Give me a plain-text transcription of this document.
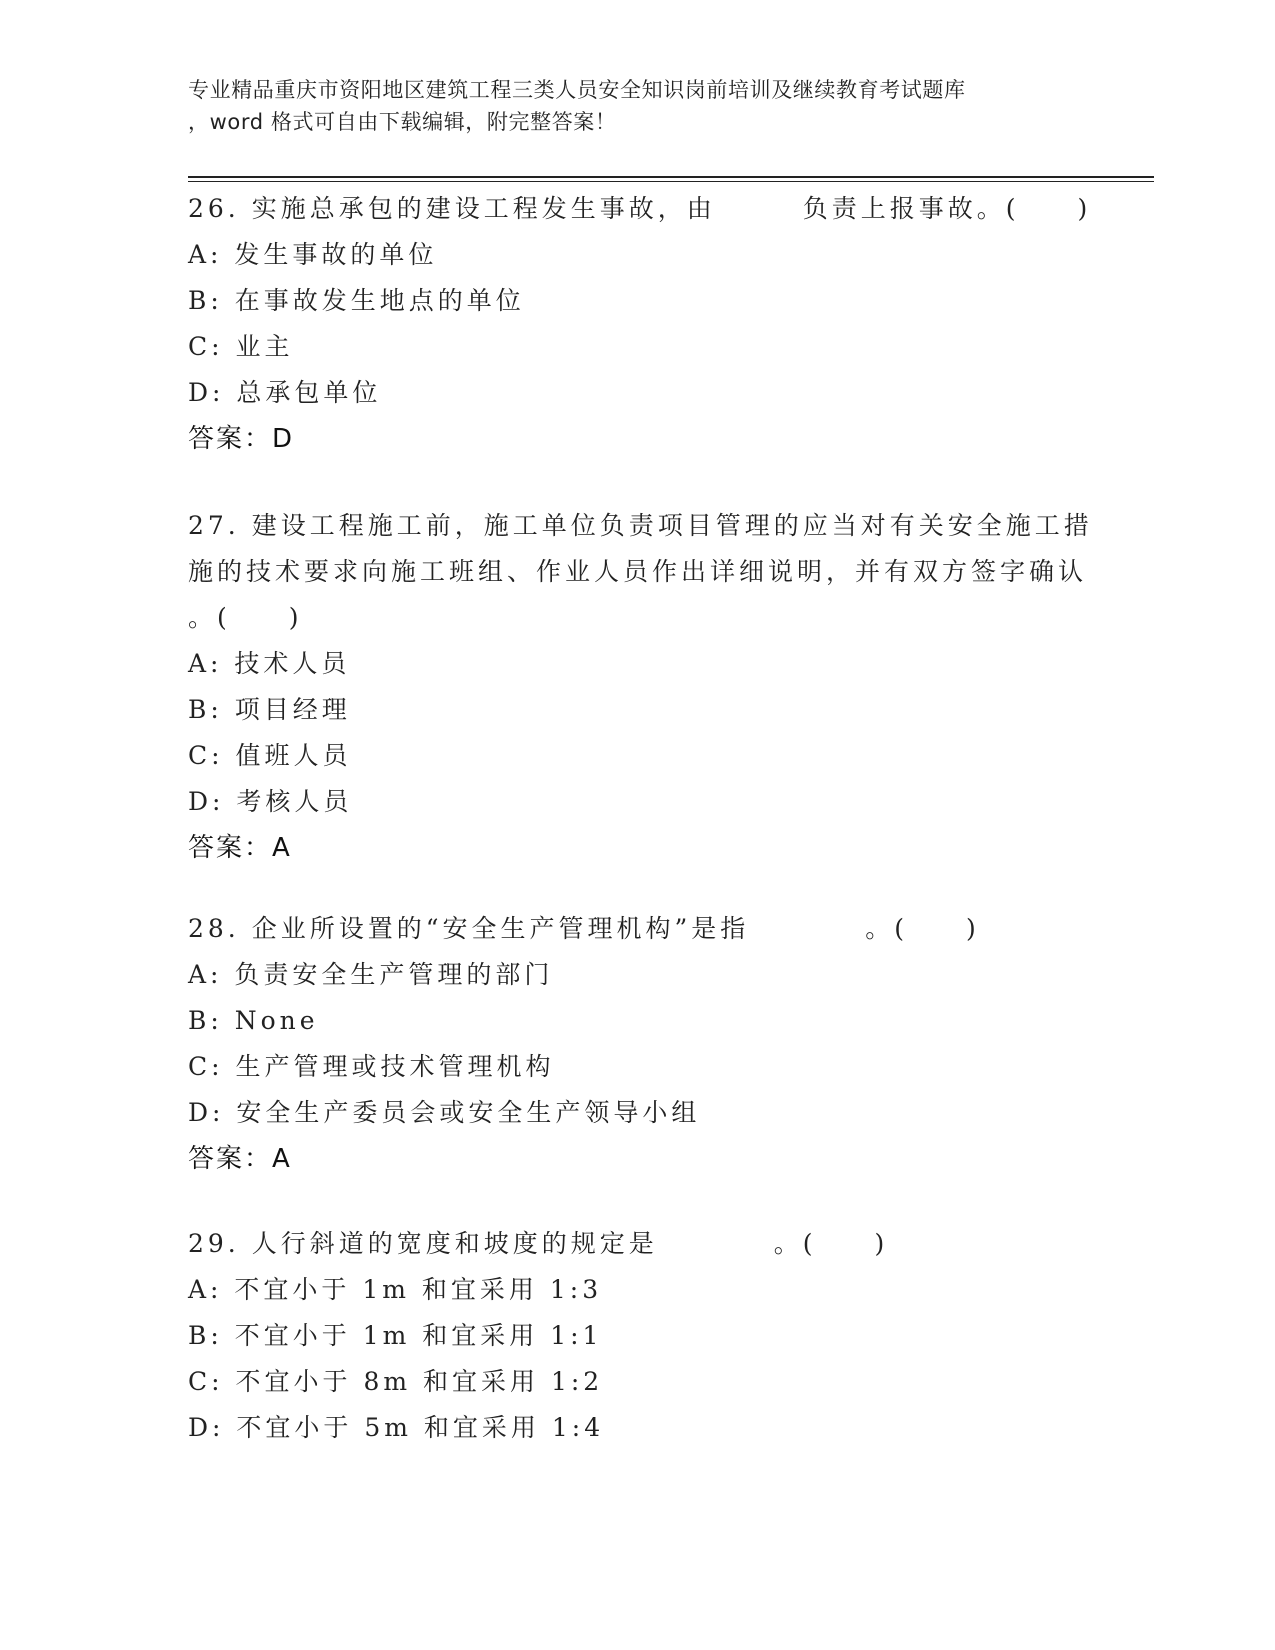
专业精品重庆市资阳地区建筑工程三类人员安全知识岗前培训及继续教育考试题库
，word 格式可自由下载编辑，附完整答案！
26. 实施总承包的建设工程发生事故，由　　　负责上报事故。(　　)
A: 发生事故的单位
B: 在事故发生地点的单位
C: 业主
D: 总承包单位
答案：D
27. 建设工程施工前，施工单位负责项目管理的应当对有关安全施工措
施的技术要求向施工班组、作业人员作出详细说明，并有双方签字确认
。(　　)
A: 技术人员
B: 项目经理
C: 值班人员
D: 考核人员
答案：A
28. 企业所设置的“安全生产管理机构”是指　　　　。(　　)
A: 负责安全生产管理的部门
B: None
C: 生产管理或技术管理机构
D: 安全生产委员会或安全生产领导小组
答案：A
29. 人行斜道的宽度和坡度的规定是　　　　。(　　)
A: 不宜小于 1m 和宜采用 1:3
B: 不宜小于 1m 和宜采用 1:1
C: 不宜小于 8m 和宜采用 1:2
D: 不宜小于 5m 和宜采用 1:4
